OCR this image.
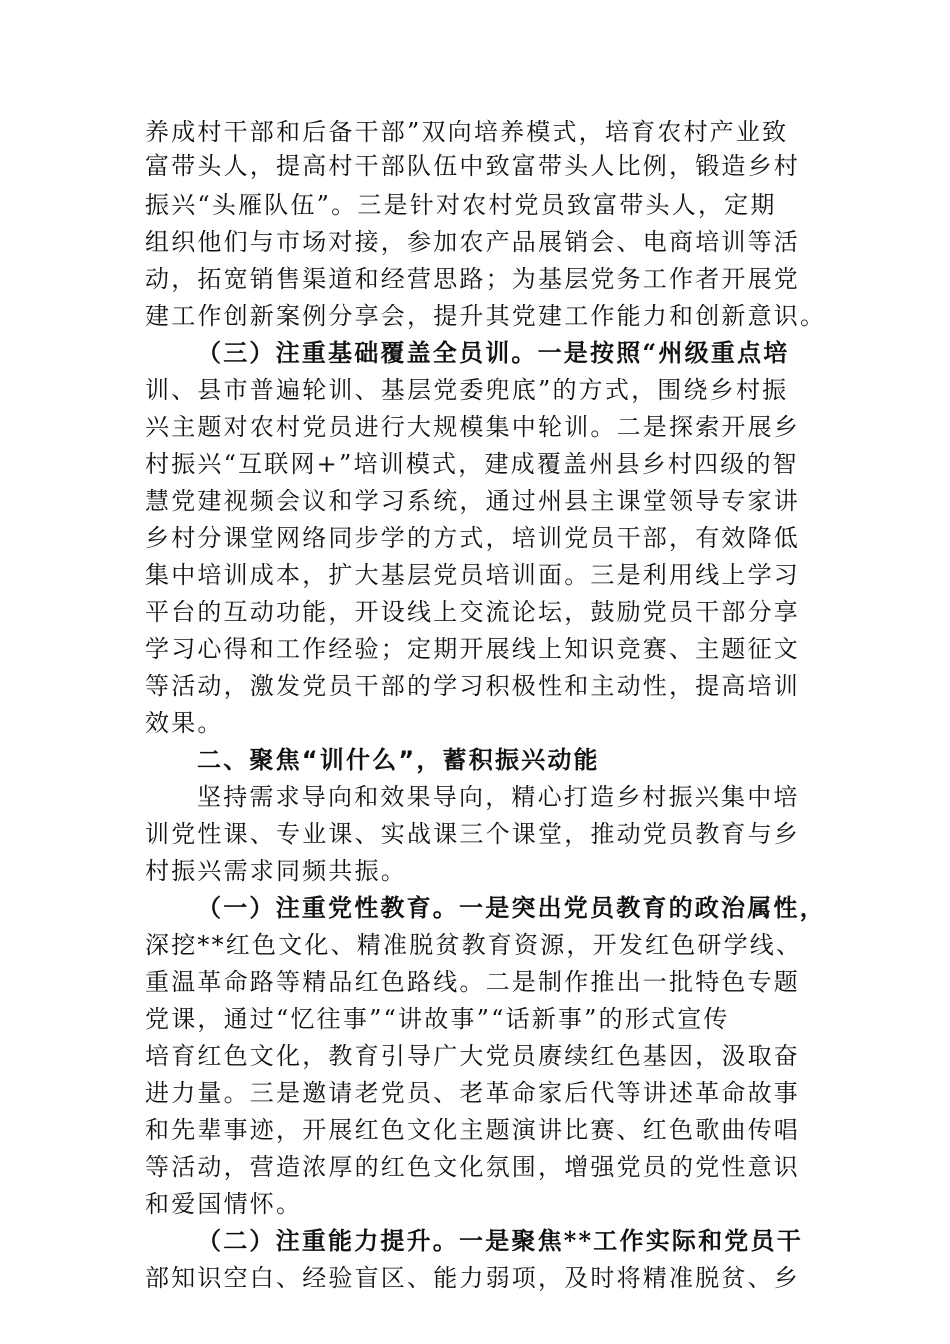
养成村干部和后备干部”双向培养模式，培育农村产业致
富带头人，提高村干部队伍中致富带头人比例，锻造乡村
振兴“头雁队伍”。三是针对农村党员致富带头人，定期
组织他们与市场对接，参加农产品展销会、电商培训等活
动，拓宽销售渠道和经营思路；为基层党务工作者开展党
建工作创新案例分享会，提升其党建工作能力和创新意识。
（三）注重基础覆盖全员训。一是按照“州级重点培
训、县市普遍轮训、基层党委兜底”的方式，围绕乡村振
兴主题对农村党员进行大规模集中轮训。二是探索开展乡
村振兴“互联网+”培训模式，建成覆盖州县乡村四级的智
慧党建视频会议和学习系统，通过州县主课堂领导专家讲
乡村分课堂网络同步学的方式，培训党员干部，有效降低
集中培训成本，扩大基层党员培训面。三是利用线上学习
平台的互动功能，开设线上交流论坛，鼓励党员干部分享
学习心得和工作经验；定期开展线上知识竞赛、主题征文
等活动，激发党员干部的学习积极性和主动性，提高培训
效果。
二、聚焦“训什么”，蓄积振兴动能
坚持需求导向和效果导向，精心打造乡村振兴集中培
训党性课、专业课、实战课三个课堂，推动党员教育与乡
村振兴需求同频共振。
（一）注重党性教育。一是突出党员教育的政治属性，
深挖**红色文化、精准脱贫教育资源，开发红色研学线、
重温革命路等精品红色路线。二是制作推出一批特色专题
党课，通过“忆往事”“讲故事”“话新事”的形式宣传
培育红色文化，教育引导广大党员赓续红色基因，汲取奋
进力量。三是邀请老党员、老革命家后代等讲述革命故事
和先辈事迹，开展红色文化主题演讲比赛、红色歌曲传唱
等活动，营造浓厚的红色文化氛围，增强党员的党性意识
和爱国情怀。
（二）注重能力提升。一是聚焦**工作实际和党员干
部知识空白、经验盲区、能力弱项，及时将精准脱贫、乡
